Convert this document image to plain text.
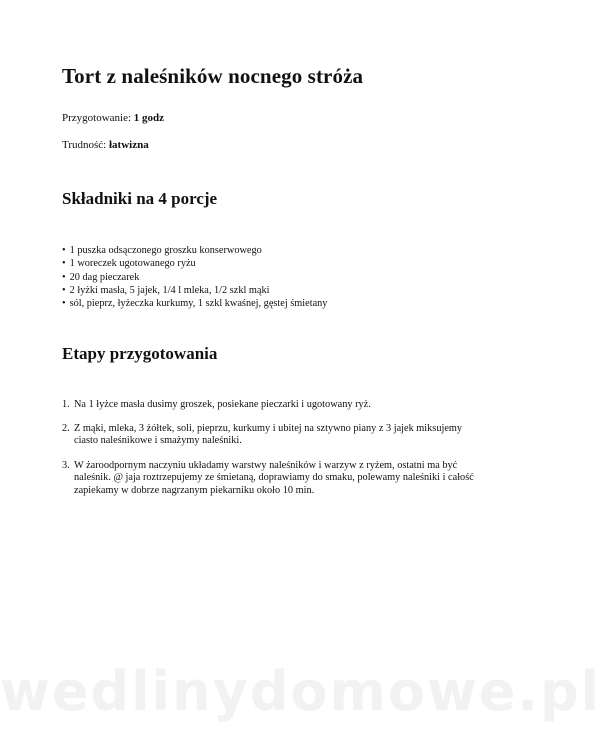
Tort z naleśników nocnego stróża

Przygotowanie: 1 godz

Trudność: łatwizna

Składniki na 4 porcje
• 1 puszka odsączonego groszku konserwowego
• 1 woreczek ugotowanego ryżu
• 20 dag pieczarek
• 2 łyżki masła, 5 jajek, 1/4 l mleka, 1/2 szkl mąki
• sól, pieprz, łyżeczka kurkumy, 1 szkl kwaśnej, gęstej śmietany
Etapy przygotowania
1. Na 1 łyżce masła dusimy groszek, posiekane pieczarki i ugotowany ryż.
2. Z mąki, mleka, 3 żółtek, soli, pieprzu, kurkumy i ubitej na sztywno piany z 3 jajek miksujemy ciasto naleśnikowe i smażymy naleśniki.
3. W żaroodpornym naczyniu układamy warstwy naleśników i warzyw z ryżem, ostatni ma być naleśnik. @ jaja roztrzepujemy ze śmietaną, doprawiamy do smaku, polewamy naleśniki i całość zapiekamy w dobrze nagrzanym piekarniku około 10 min.
wedlinydomowe.pl
